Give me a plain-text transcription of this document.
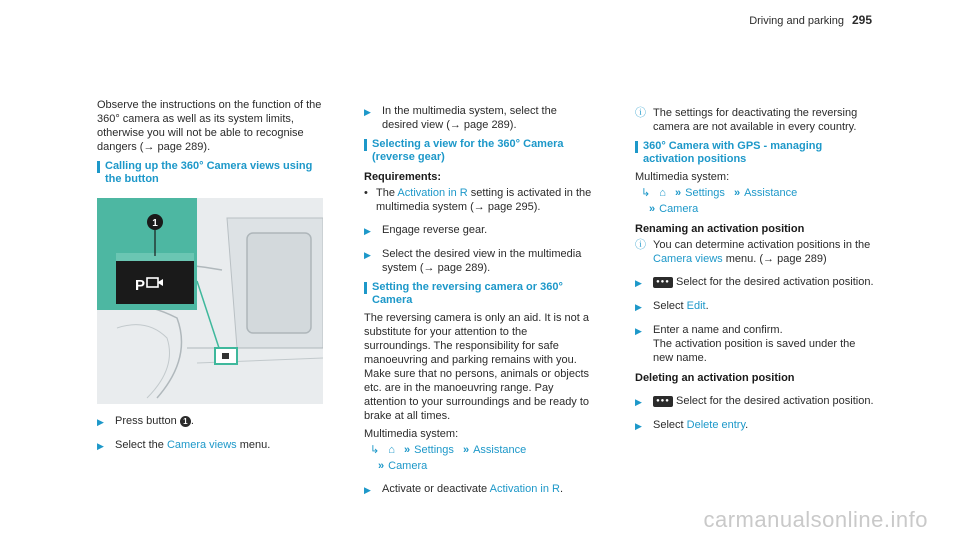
Driving and parking 295

Observe the instructions on the function of the 360° camera as well as its system limits, otherwise you will not be able to recognise dangers (→ page 289).

Calling up the 360° Camera views using the button
P
1
▶ Press button 1 .
▶ Select the Camera views menu.
▶ In the multimedia system, select the desired view (→ page 289).
Selecting a view for the 360° Camera (reverse gear)
Requirements:
• The Activation in R setting is activated in the multimedia system (→ page 295).
▶ Engage reverse gear.
▶ Select the desired view in the multimedia system (→ page 289).
Setting the reversing camera or 360° Camera

The reversing camera is only an aid. It is not a substitute for your attention to the surroundings. The responsibility for safe manoeuvring and parking remains with you. Make sure that no persons, animals or objects etc. are in the manoeuvring range. Pay attention to your surroundings and be ready to brake at all times.

Multimedia system:

↳ ⌂ » Settings » Assistance
» Camera
▶ Activate or deactivate Activation in R.
ⓘ The settings for deactivating the reversing camera are not available in every country.
360° Camera with GPS - managing activation positions

Multimedia system:

↳ ⌂ » Settings » Assistance
» Camera
Renaming an activation position
ⓘ You can determine activation positions in the Camera views menu. (→ page 289)
▶	●●● Select for the desired activation position.
▶ Select Edit.
▶ Enter a name and confirm.
The activation position is saved under the new name.
Deleting an activation position
▶	●●● Select for the desired activation position.
▶ Select Delete entry.
carmanualsonline.info
